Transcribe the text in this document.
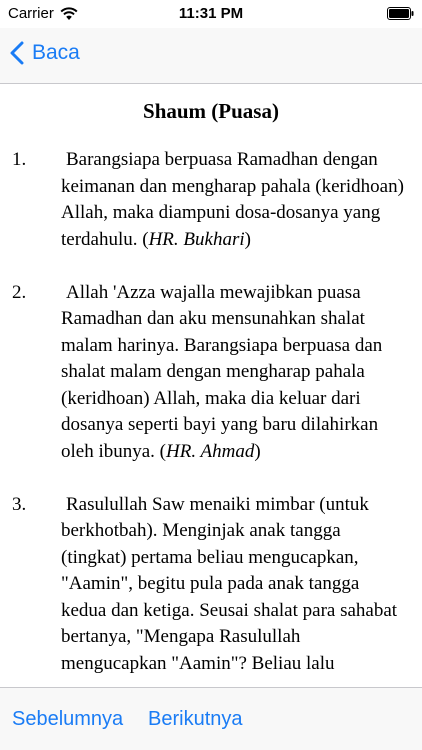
Carrier	11:31 PM
Baca
Shaum (Puasa)
1. Barangsiapa berpuasa Ramadhan dengan keimanan dan mengharap pahala (keridhoan) Allah, maka diampuni dosa-dosanya yang terdahulu. (HR. Bukhari)
2. Allah 'Azza wajalla mewajibkan puasa Ramadhan dan aku mensunahkan shalat malam harinya. Barangsiapa berpuasa dan shalat malam dengan mengharap pahala (keridhoan) Allah, maka dia keluar dari dosanya seperti bayi yang baru dilahirkan oleh ibunya. (HR. Ahmad)
3. Rasulullah Saw menaiki mimbar (untuk berkhotbah). Menginjak anak tangga (tingkat) pertama beliau mengucapkan, "Aamin", begitu pula pada anak tangga kedua dan ketiga. Seusai shalat para sahabat bertanya, "Mengapa Rasulullah mengucapkan "Aamin"? Beliau lalu
Sebelumnya Berikutnya
